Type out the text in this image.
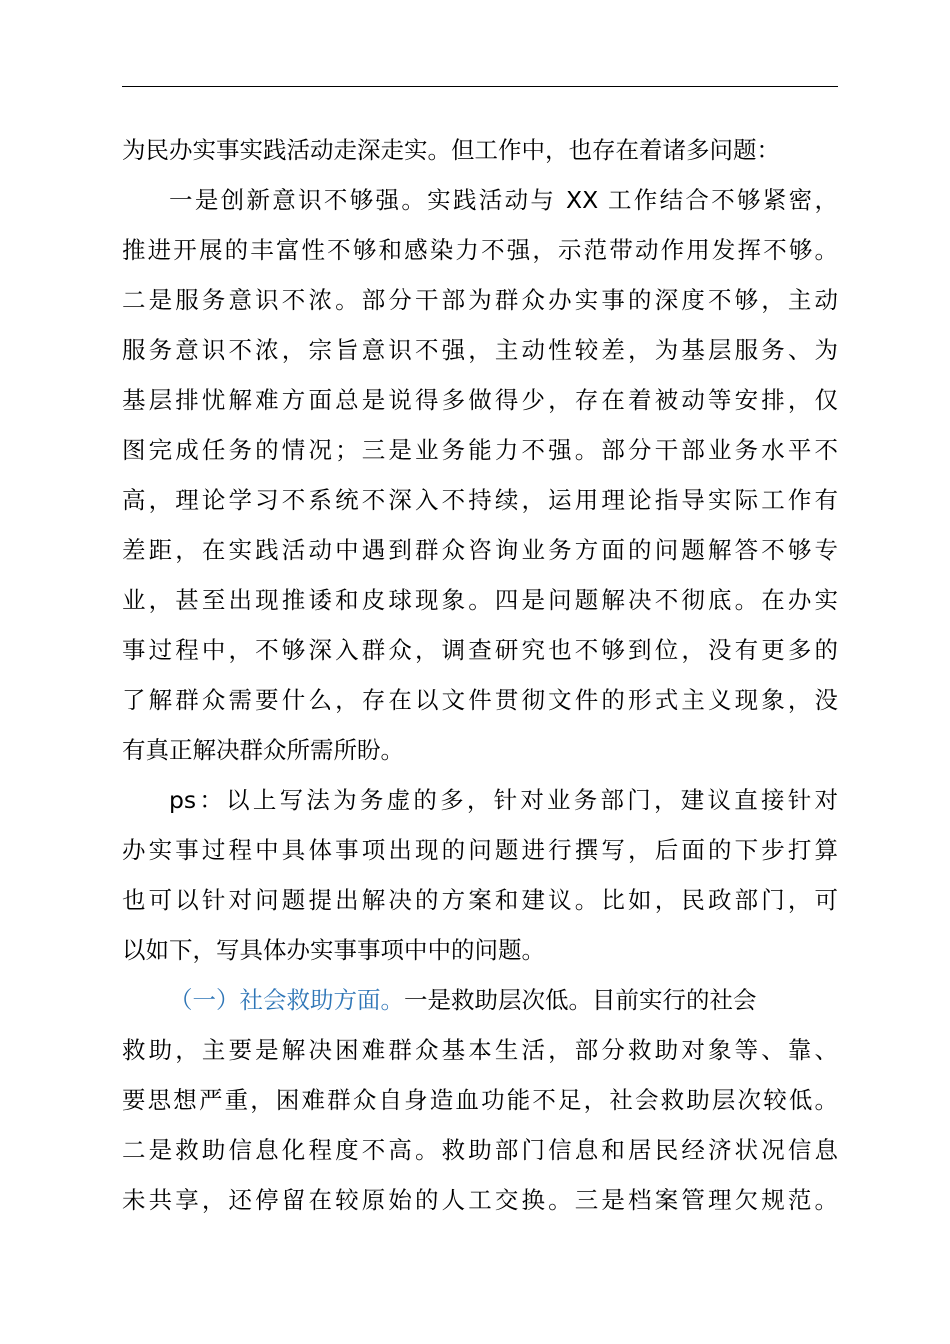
为民办实事实践活动走深走实。但工作中，也存在着诸多问题：
一是创新意识不够强。实践活动与 XX 工作结合不够紧密，
推进开展的丰富性不够和感染力不强，示范带动作用发挥不够。
二是服务意识不浓。部分干部为群众办实事的深度不够，主动
服务意识不浓，宗旨意识不强，主动性较差，为基层服务、为
基层排忧解难方面总是说得多做得少，存在着被动等安排，仅
图完成任务的情况；三是业务能力不强。部分干部业务水平不
高，理论学习不系统不深入不持续，运用理论指导实际工作有
差距，在实践活动中遇到群众咨询业务方面的问题解答不够专
业，甚至出现推诿和皮球现象。四是问题解决不彻底。在办实
事过程中，不够深入群众，调查研究也不够到位，没有更多的
了解群众需要什么，存在以文件贯彻文件的形式主义现象，没
有真正解决群众所需所盼。
ps：以上写法为务虚的多，针对业务部门，建议直接针对
办实事过程中具体事项出现的问题进行撰写，后面的下步打算
也可以针对问题提出解决的方案和建议。比如，民政部门，可
以如下，写具体办实事事项中中的问题。
（一）社会救助方面。一是救助层次低。目前实行的社会
救助，主要是解决困难群众基本生活，部分救助对象等、靠、
要思想严重，困难群众自身造血功能不足，社会救助层次较低。
二是救助信息化程度不高。救助部门信息和居民经济状况信息
未共享，还停留在较原始的人工交换。三是档案管理欠规范。
